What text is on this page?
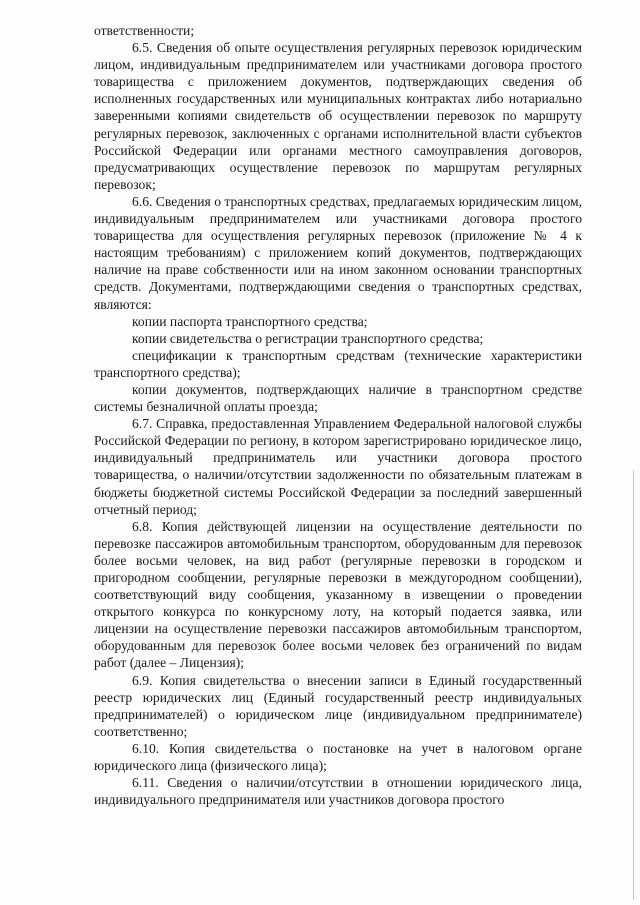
ответственности;

6.5. Сведения об опыте осуществления регулярных перевозок юридическим лицом, индивидуальным предпринимателем или участниками договора простого товарищества с приложением документов, подтверждающих сведения об исполненных государственных или муниципальных контрактах либо нотариально заверенными копиями свидетельств об осуществлении перевозок по маршруту регулярных перевозок, заключенных с органами исполнительной власти субъектов Российской Федерации или органами местного самоуправления договоров, предусматривающих осуществление перевозок по маршрутам регулярных перевозок;

6.6. Сведения о транспортных средствах, предлагаемых юридическим лицом, индивидуальным предпринимателем или участниками договора простого товарищества для осуществления регулярных перевозок (приложение № 4 к настоящим требованиям) с приложением копий документов, подтверждающих наличие на праве собственности или на ином законном основании транспортных средств. Документами, подтверждающими сведения о транспортных средствах, являются:

копии паспорта транспортного средства;

копии свидетельства о регистрации транспортного средства;

спецификации к транспортным средствам (технические характеристики транспортного средства);

копии документов, подтверждающих наличие в транспортном средстве системы безналичной оплаты проезда;

6.7. Справка, предоставленная Управлением Федеральной налоговой службы Российской Федерации по региону, в котором зарегистрировано юридическое лицо, индивидуальный предприниматель или участники договора простого товарищества, о наличии/отсутствии задолженности по обязательным платежам в бюджеты бюджетной системы Российской Федерации за последний завершенный отчетный период;

6.8. Копия действующей лицензии на осуществление деятельности по перевозке пассажиров автомобильным транспортом, оборудованным для перевозок более восьми человек, на вид работ (регулярные перевозки в городском и пригородном сообщении, регулярные перевозки в междугородном сообщении), соответствующий виду сообщения, указанному в извещении о проведении открытого конкурса по конкурсному лоту, на который подается заявка, или лицензии на осуществление перевозки пассажиров автомобильным транспортом, оборудованным для перевозок более восьми человек без ограничений по видам работ (далее – Лицензия);

6.9. Копия свидетельства о внесении записи в Единый государственный реестр юридических лиц (Единый государственный реестр индивидуальных предпринимателей) о юридическом лице (индивидуальном предпринимателе) соответственно;

6.10. Копия свидетельства о постановке на учет в налоговом органе юридического лица (физического лица);

6.11. Сведения о наличии/отсутствии в отношении юридического лица, индивидуального предпринимателя или участников договора простого
